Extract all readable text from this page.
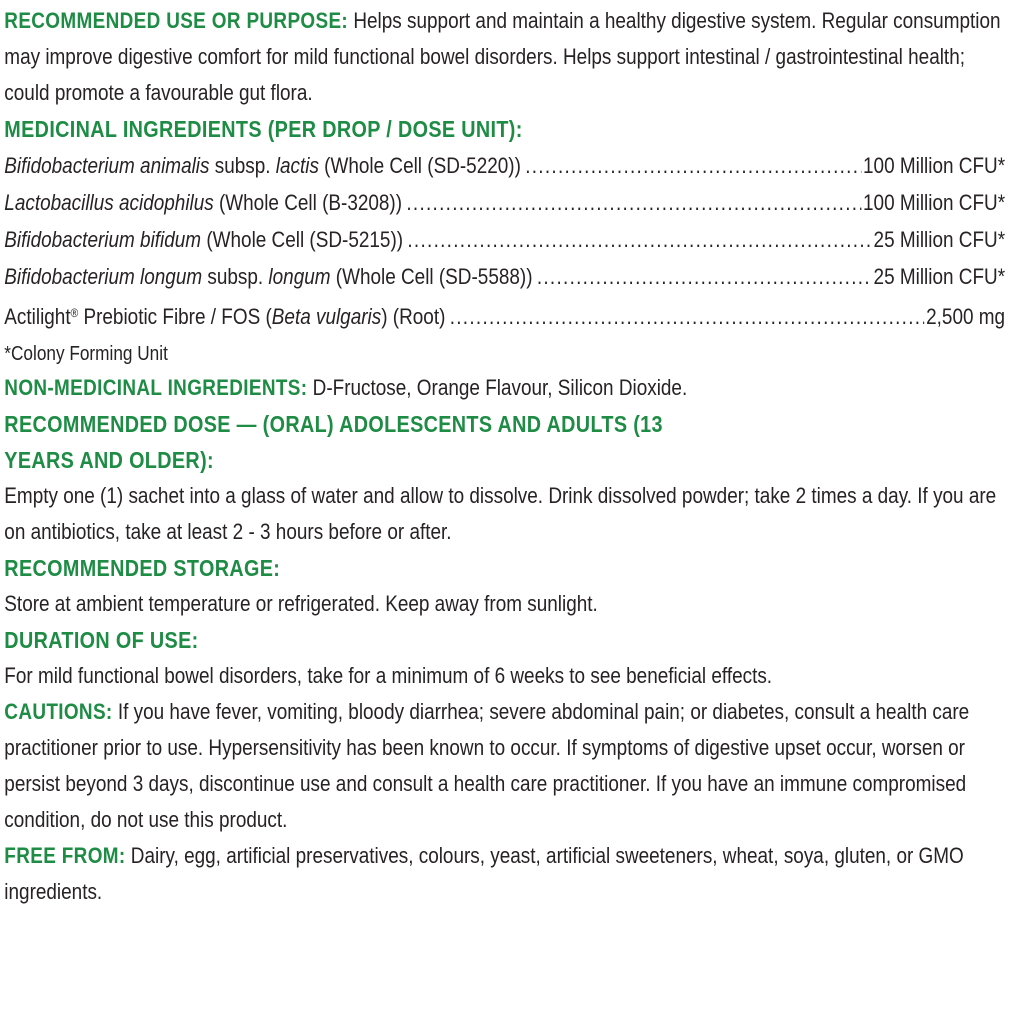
RECOMMENDED USE OR PURPOSE: Helps support and maintain a healthy digestive system. Regular consumption may improve digestive comfort for mild functional bowel disorders. Helps support intestinal / gastrointestinal health; could promote a favourable gut flora.

MEDICINAL INGREDIENTS (PER DROP / DOSE UNIT):
Bifidobacterium animalis subsp. lactis (Whole Cell (SD-5220)) .....	100 Million CFU*
Lactobacillus acidophilus (Whole Cell (B-3208)) .....	100 Million CFU*
Bifidobacterium bifidum (Whole Cell (SD-5215)) .....	25 Million CFU*
Bifidobacterium longum subsp. longum (Whole Cell (SD-5588)) .....	25 Million CFU*
Actilight® Prebiotic Fibre / FOS (Beta vulgaris) (Root) .....	2,500 mg

*Colony Forming Unit

NON-MEDICINAL INGREDIENTS: D-Fructose, Orange Flavour, Silicon Dioxide.

RECOMMENDED DOSE — (ORAL) ADOLESCENTS AND ADULTS (13 YEARS AND OLDER):

Empty one (1) sachet into a glass of water and allow to dissolve. Drink dissolved powder; take 2 times a day. If you are on antibiotics, take at least 2 - 3 hours before or after.

RECOMMENDED STORAGE:

Store at ambient temperature or refrigerated. Keep away from sunlight.

DURATION OF USE:

For mild functional bowel disorders, take for a minimum of 6 weeks to see beneficial effects.

CAUTIONS: If you have fever, vomiting, bloody diarrhea; severe abdominal pain; or diabetes, consult a health care practitioner prior to use. Hypersensitivity has been known to occur. If symptoms of digestive upset occur, worsen or persist beyond 3 days, discontinue use and consult a health care practitioner. If you have an immune compromised condition, do not use this product.

FREE FROM: Dairy, egg, artificial preservatives, colours, yeast, artificial sweeteners, wheat, soya, gluten, or GMO ingredients.
